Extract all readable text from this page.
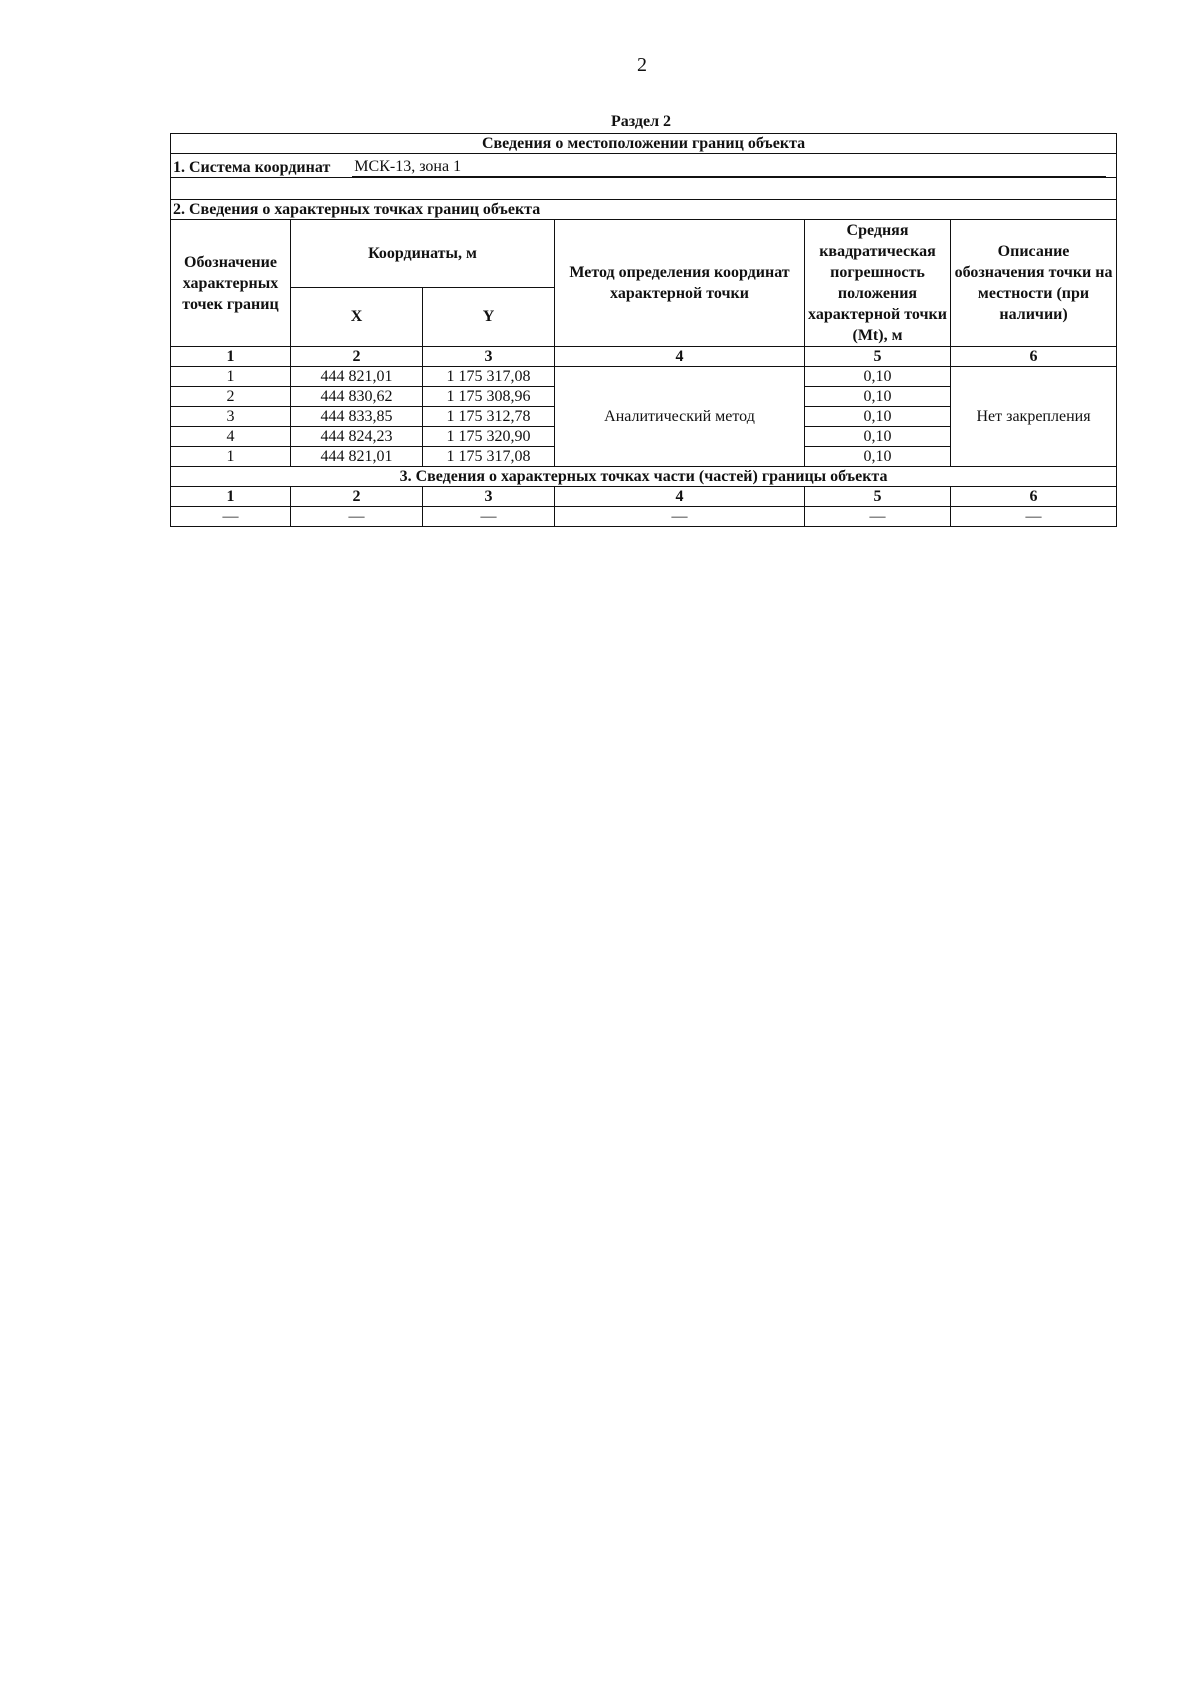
2
Раздел 2
Сведения о местоположении границ объекта					

1. Система координат МСК-13, зона 1					

2. Сведения о характерных точках границ объекта					
Обозначение характерных точек границ	Координаты, м		Метод определения координат характерной точки	Средняя квадратическая погрешность положения характерной точки (Mt), м	Описание обозначения точки на местности (при наличии)
	X	Y			
1	2	3	4	5	6
1	444 821,01	1 175 317,08	Аналитический метод	0,10	Нет закрепления
2	444 830,62	1 175 308,96		0,10	
3	444 833,85	1 175 312,78		0,10	
4	444 824,23	1 175 320,90		0,10	
1	444 821,01	1 175 317,08		0,10	
3. Сведения о характерных точках части (частей) границы объекта					
1	2	3	4	5	6
—	—	—	—	—	—
